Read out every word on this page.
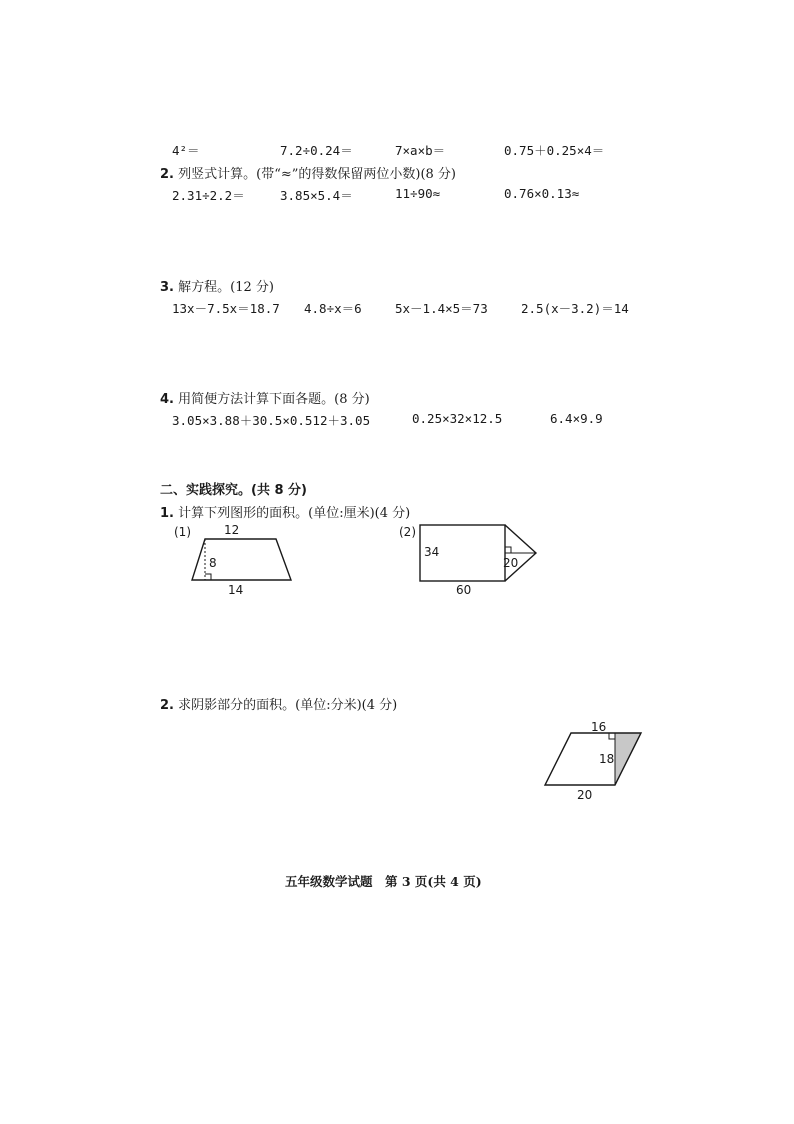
4²＝	7.2÷0.24＝	7×a×b＝	0.75＋0.25×4＝
2. 列竖式计算。(带“≈”的得数保留两位小数)(8 分)
2.31÷2.2＝	3.85×5.4＝	11÷90≈	0.76×0.13≈
3. 解方程。(12 分)
13x－7.5x＝18.7 4.8÷x＝6	5x－1.4×5＝73	2.5(x－3.2)＝14
4. 用简便方法计算下面各题。(8 分)
3.05×3.88＋30.5×0.512＋3.05	0.25×32×12.5	6.4×9.9
二、实践探究。(共 8 分)
1. 计算下列图形的面积。(单位:厘米)(4 分)
(1)	12
8
14
(2)
34
20
60
2. 求阴影部分的面积。(单位:分米)(4 分)
16
18
20
五年级数学试题　第 3 页(共 4 页)
